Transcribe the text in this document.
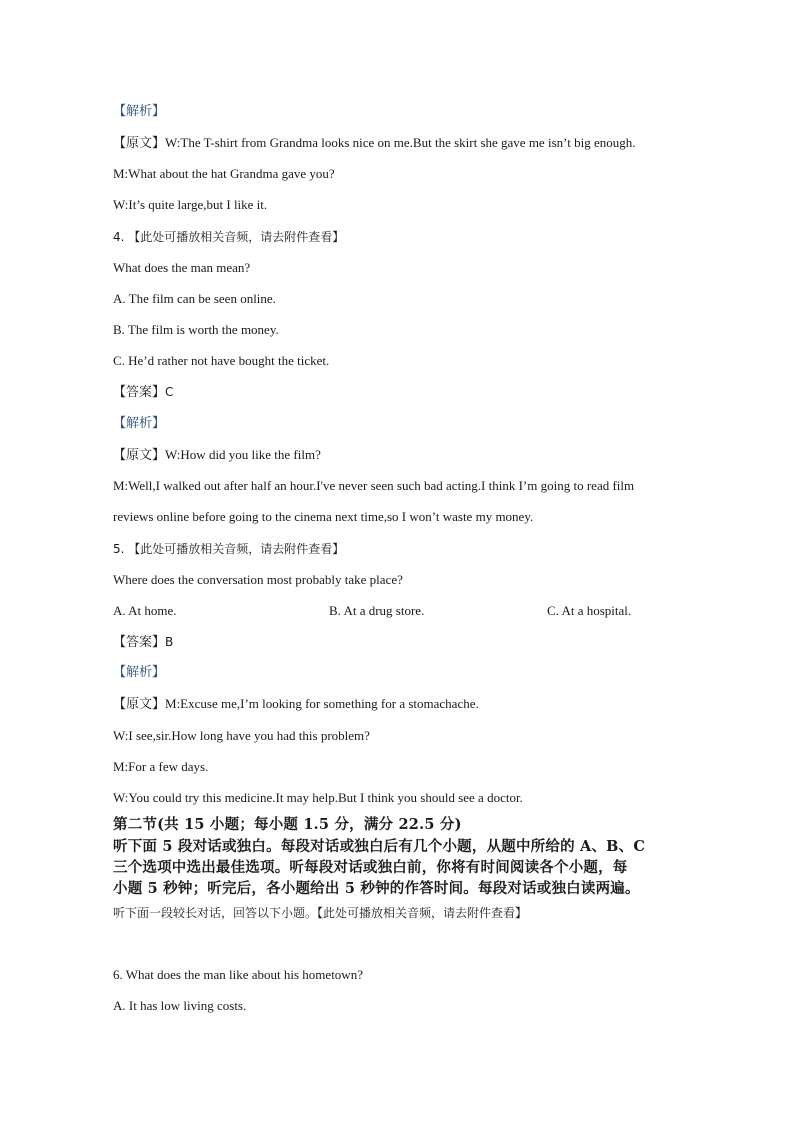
【解析】
【原文】W:The T-shirt from Grandma looks nice on me.But the skirt she gave me isn’t big enough.
M:What about the hat Grandma gave you?
W:It’s quite large,but I like it.
4. 【此处可播放相关音频，请去附件查看】
What does the man mean?
A. The film can be seen online.
B. The film is worth the money.
C. He’d rather not have bought the ticket.
【答案】C
【解析】
【原文】W:How did you like the film?
M:Well,I walked out after half an hour.I've never seen such bad acting.I think I’m going to read film
reviews online before going to the cinema next time,so I won’t waste my money.
5. 【此处可播放相关音频，请去附件查看】
Where does the conversation most probably take place?
A. At home.	B. At a drug store.	C. At a hospital.
【答案】B
【解析】
【原文】M:Excuse me,I’m looking for something for a stomachache.
W:I see,sir.How long have you had this problem?
M:For a few days.
W:You could try this medicine.It may help.But I think you should see a doctor.
第二节(共 15 小题；每小题 1.5 分，满分 22.5 分)
听下面 5 段对话或独白。每段对话或独白后有几个小题，从题中所给的 A、B、C
三个选项中选出最佳选项。听每段对话或独白前，你将有时间阅读各个小题，每
小题 5 秒钟；听完后，各小题给出 5 秒钟的作答时间。每段对话或独白读两遍。
听下面一段较长对话，回答以下小题。【此处可播放相关音频，请去附件查看】
6. What does the man like about his hometown?
A. It has low living costs.
